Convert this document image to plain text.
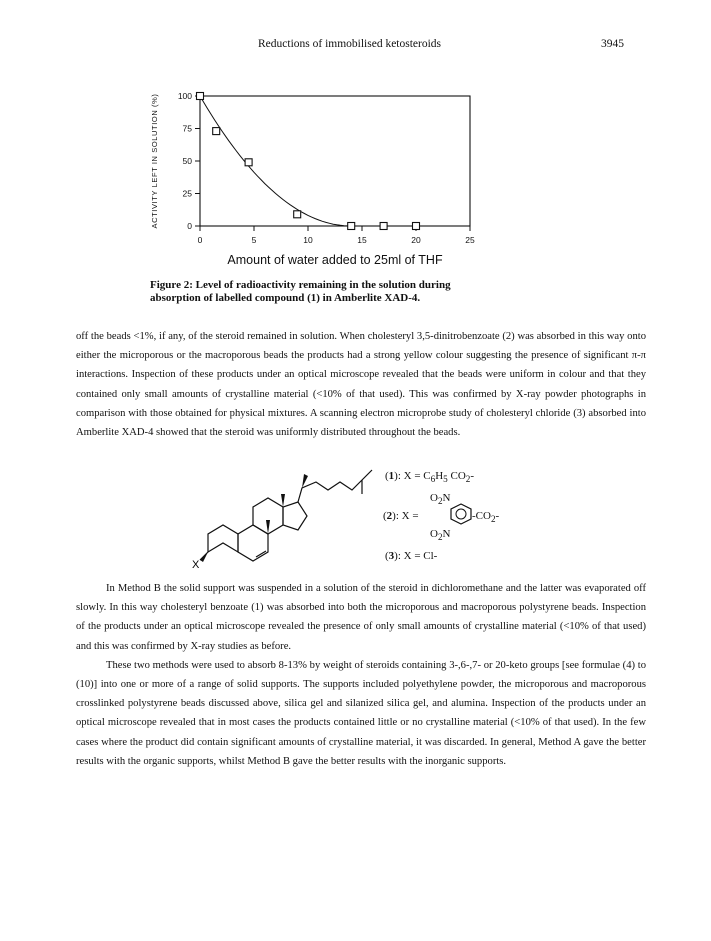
Reductions of immobilised ketosteroids	3945
0	5	10	15	20	25
0
25
50
75
100
ACTIVITY LEFT IN SOLUTION (%)
Amount of water added to 25ml of THF
Figure 2: Level of radioactivity remaining in the solution during
absorption of labelled compound (1) in Amberlite XAD-4.

off the beads <1%, if any, of the steroid remained in solution. When cholesteryl 3,5-dinitrobenzoate (2) was absorbed in this way onto either the microporous or the macroporous beads the products had a strong yellow colour suggesting the presence of significant π-π interactions. Inspection of these products under an optical microscope revealed that the beads were uniform in colour and that they contained only small amounts of crystalline material (<10% of that used). This was confirmed by X-ray powder photographs in comparison with those obtained for physical mixtures. A scanning electron microprobe study of cholesteryl chloride (3) absorbed into Amberlite XAD-4 showed that the steroid was uniformly distributed throughout the beads.

X
(1): $X = C_6H_5$ $CO_2-$
$O_2N$
(2): X =	$-CO_2-$
$O_2N$
(3): X = Cl-

In Method B the solid support was suspended in a solution of the steroid in dichloromethane and the latter was evaporated off slowly. In this way cholesteryl benzoate (1) was absorbed into both the microporous and macroporous polystyrene beads. Inspection of the products under an optical microscope revealed the presence of only small amounts of crystalline material (<10% of that used) and this was confirmed by X-ray studies as before.

These two methods were used to absorb 8-13% by weight of steroids containing 3-,6-,7- or 20-keto groups [see formulae (4) to (10)] into one or more of a range of solid supports. The supports included polyethylene powder, the microporous and macroporous crosslinked polystyrene beads discussed above, silica gel and silanized silica gel, and alumina. Inspection of the products under an optical microscope revealed that in most cases the products contained little or no crystalline material (<10% of that used). In the few cases where the product did contain significant amounts of crystalline material, it was discarded. In general, Method A gave the better results with the organic supports, whilst Method B gave the better results with the inorganic supports.
